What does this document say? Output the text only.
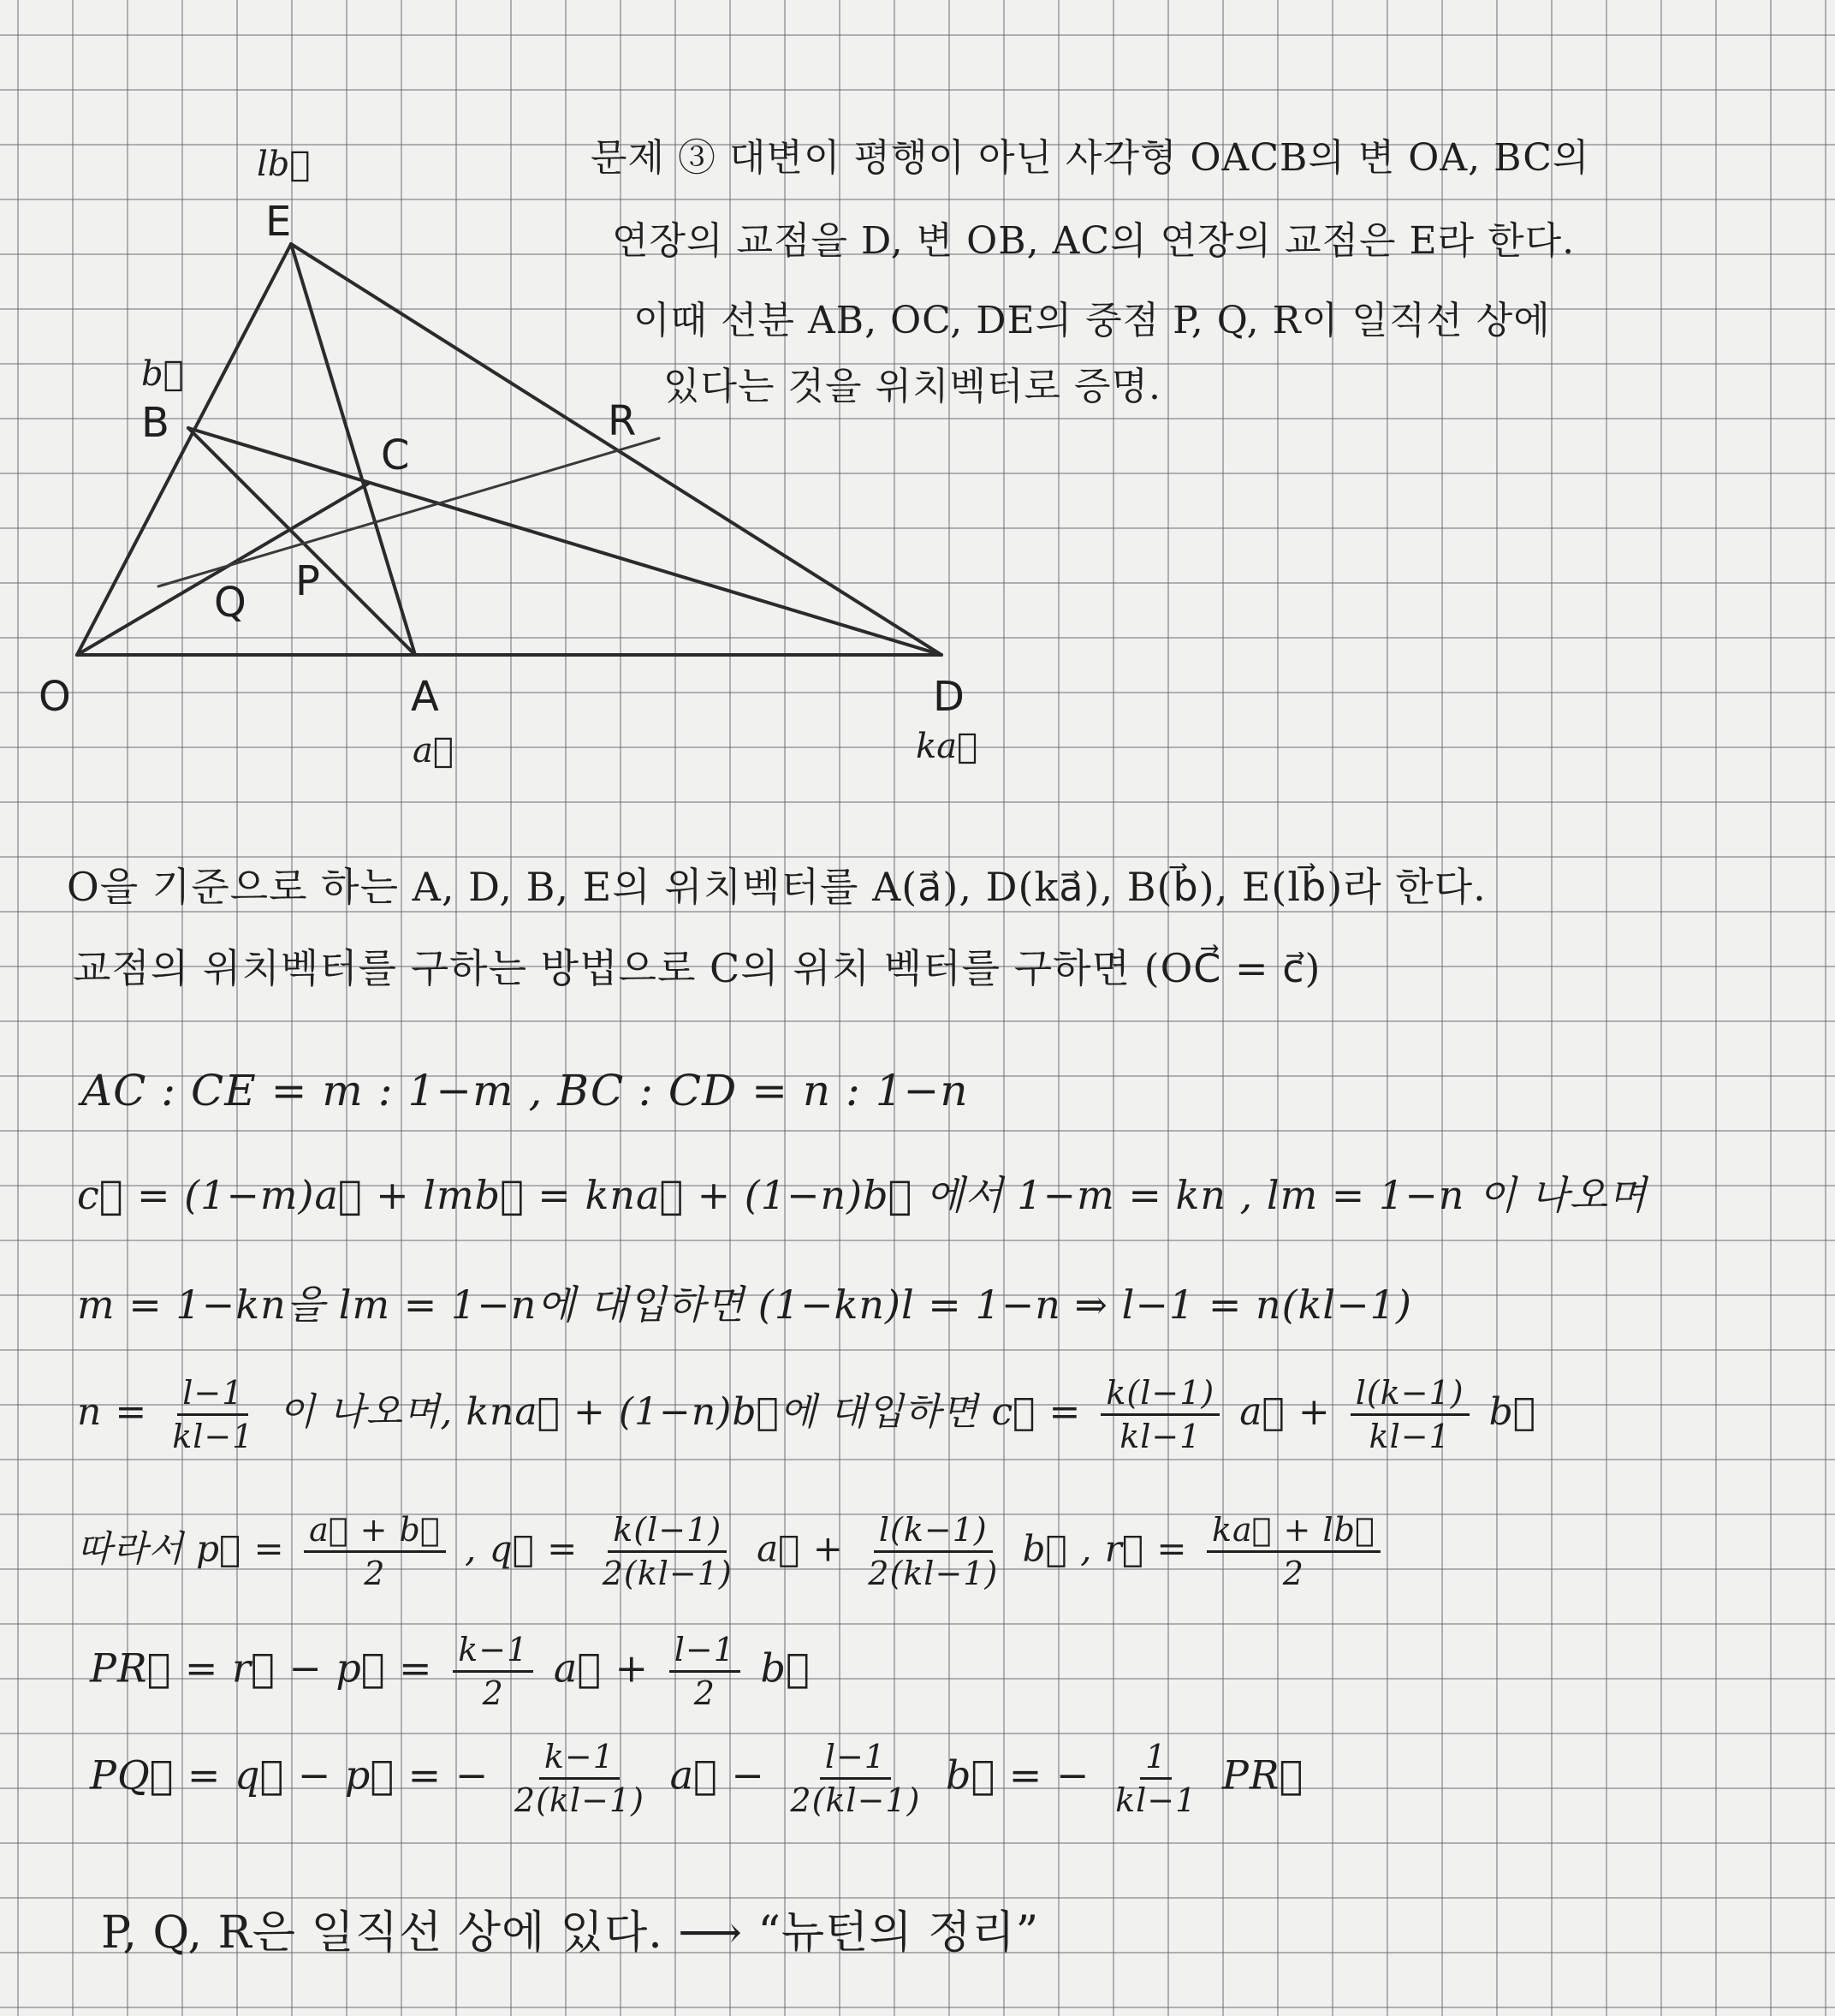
O	A	D
B
C
E
P
Q
R
a⃗	ka⃗
b⃗
lb⃗	문제 ③ 대변이 평행이 아닌 사각형 OACB의 변 OA, BC의
연장의 교점을 D, 변 OB, AC의 연장의 교점은 E라 한다.
이때 선분 AB, OC, DE의 중점 P, Q, R이 일직선 상에
있다는 것을 위치벡터로 증명.
O을 기준으로 하는 A, D, B, E의 위치벡터를 A(a⃗), D(ka⃗), B(b⃗), E(lb⃗)라 한다.
교점의 위치벡터를 구하는 방법으로 C의 위치 벡터를 구하면 (OC⃗ = c⃗)
AC : CE = m : 1−m , BC : CD = n : 1−n
c⃗ = (1−m)a⃗ + lmb⃗ = kna⃗ + (1−n)b⃗ 에서 1−m = kn , lm = 1−n 이 나오며
m = 1−kn을 lm = 1−n에 대입하면 (1−kn)l = 1−n ⇒ l−1 = n(kl−1)
$n = \frac{l-1}{kl-1}$ 이 나오며, kna⃗ + (1−n)b⃗에 대입하면 c⃗ = $\frac{k(l-1)}{kl-1}$ a⃗ + $\frac{l(k-1)}{kl-1}$ b⃗
따라서 p⃗ = $\frac{a⃗ + b⃗}{2}$ , q⃗ = $\frac{k(l-1)}{2(kl-1)}$ a⃗ + $\frac{l(k-1)}{2(kl-1)}$ b⃗ , r⃗ = $\frac{ka⃗ + lb⃗}{2}$
PR⃗ = r⃗ − p⃗ = $\frac{k-1}{2}$ a⃗ + $\frac{l-1}{2}$ b⃗
PQ⃗ = q⃗ − p⃗ = − $\frac{k-1}{2(kl-1)}$ a⃗ − $\frac{l-1}{2(kl-1)}$ b⃗ = − $\frac{1}{kl-1}$ PR⃗
P, Q, R은 일직선 상에 있다. ⟶ “뉴턴의 정리”
